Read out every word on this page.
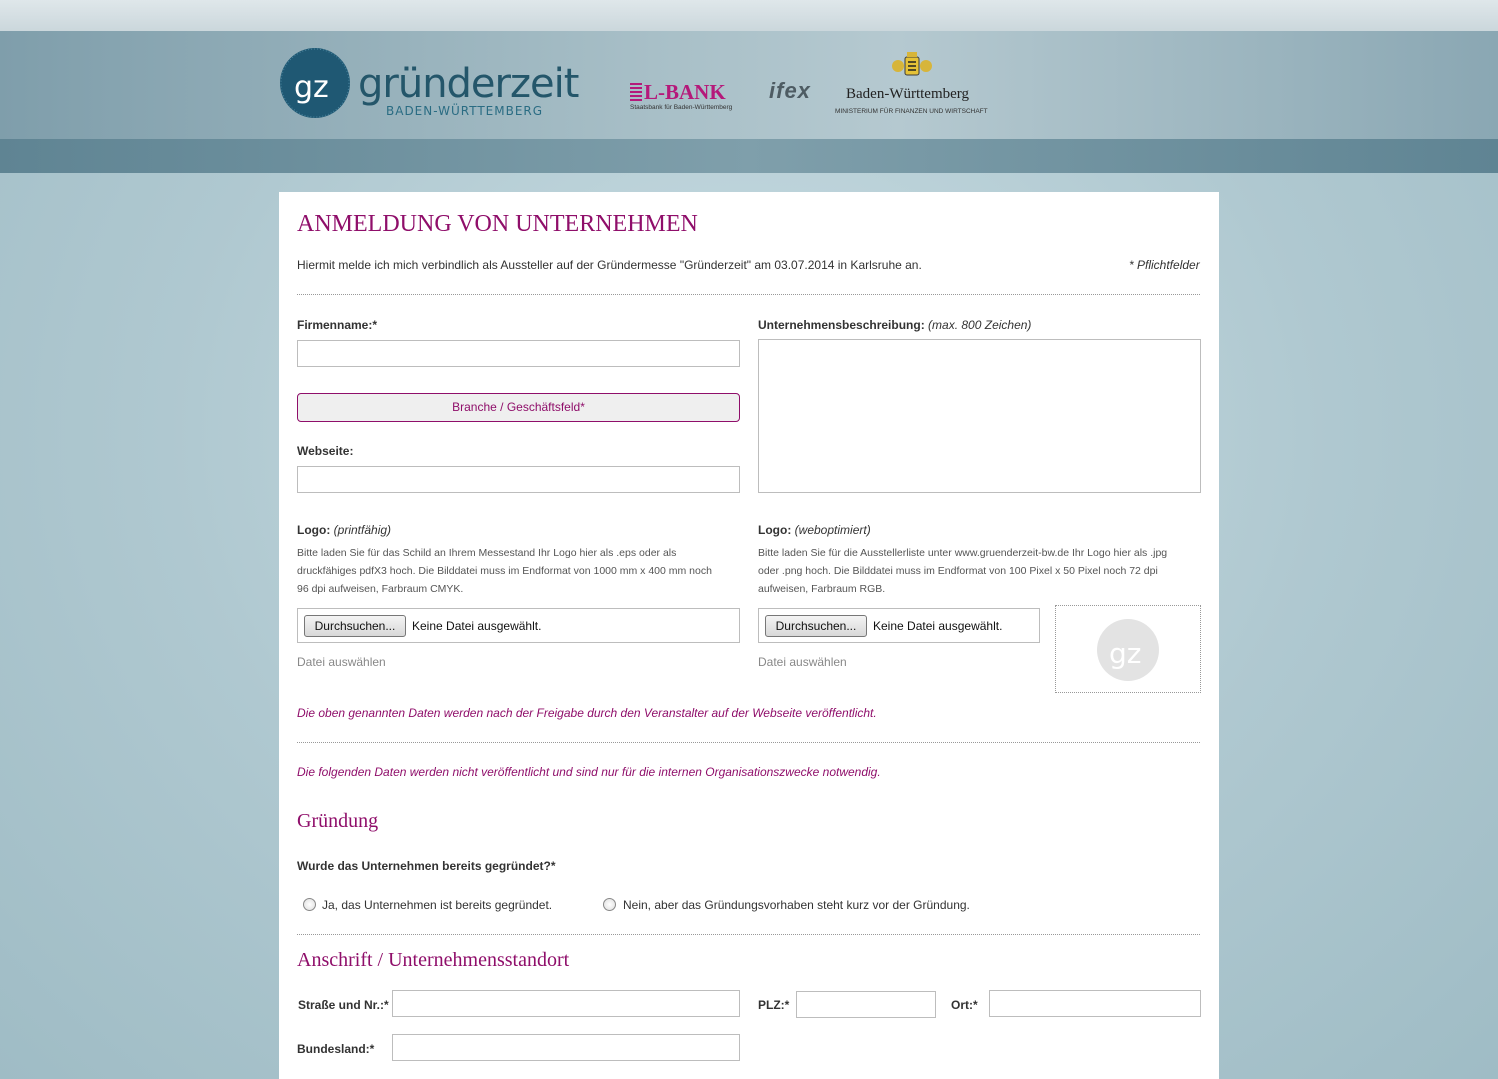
gz gründerzeit
BADEN-WÜRTTEMBERG
L-BANK
Staatsbank für Baden-Württemberg
ifex Baden-Württemberg
MINISTERIUM FÜR FINANZEN UND WIRTSCHAFT
ANMELDUNG VON UNTERNEHMEN
Hiermit melde ich mich verbindlich als Aussteller auf der Gründermesse "Gründerzeit" am 03.07.2014 in Karlsruhe an.	* Pflichtfelder
Firmenname:*
Branche / Geschäftsfeld*
Webseite:
Unternehmensbeschreibung: (max. 800 Zeichen)
Logo: (printfähig)
Bitte laden Sie für das Schild an Ihrem Messestand Ihr Logo hier als .eps oder als
druckfähiges pdfX3 hoch. Die Bilddatei muss im Endformat von 1000 mm x 400 mm noch
96 dpi aufweisen, Farbraum CMYK.
Durchsuchen...	Keine Datei ausgewählt.
Datei auswählen
Logo: (weboptimiert)
Bitte laden Sie für die Ausstellerliste unter www.gruenderzeit-bw.de Ihr Logo hier als .jpg
oder .png hoch. Die Bilddatei muss im Endformat von 100 Pixel x 50 Pixel noch 72 dpi
aufweisen, Farbraum RGB.
Durchsuchen...	Keine Datei ausgewählt.
Datei auswählen	gz
Die oben genannten Daten werden nach der Freigabe durch den Veranstalter auf der Webseite veröffentlicht.
Die folgenden Daten werden nicht veröffentlicht und sind nur für die internen Organisationszwecke notwendig.
Gründung
Wurde das Unternehmen bereits gegründet?*
Ja, das Unternehmen ist bereits gegründet.	Nein, aber das Gründungsvorhaben steht kurz vor der Gründung.
Anschrift / Unternehmensstandort
Straße und Nr.:*	PLZ:*	Ort:*
Bundesland:*
